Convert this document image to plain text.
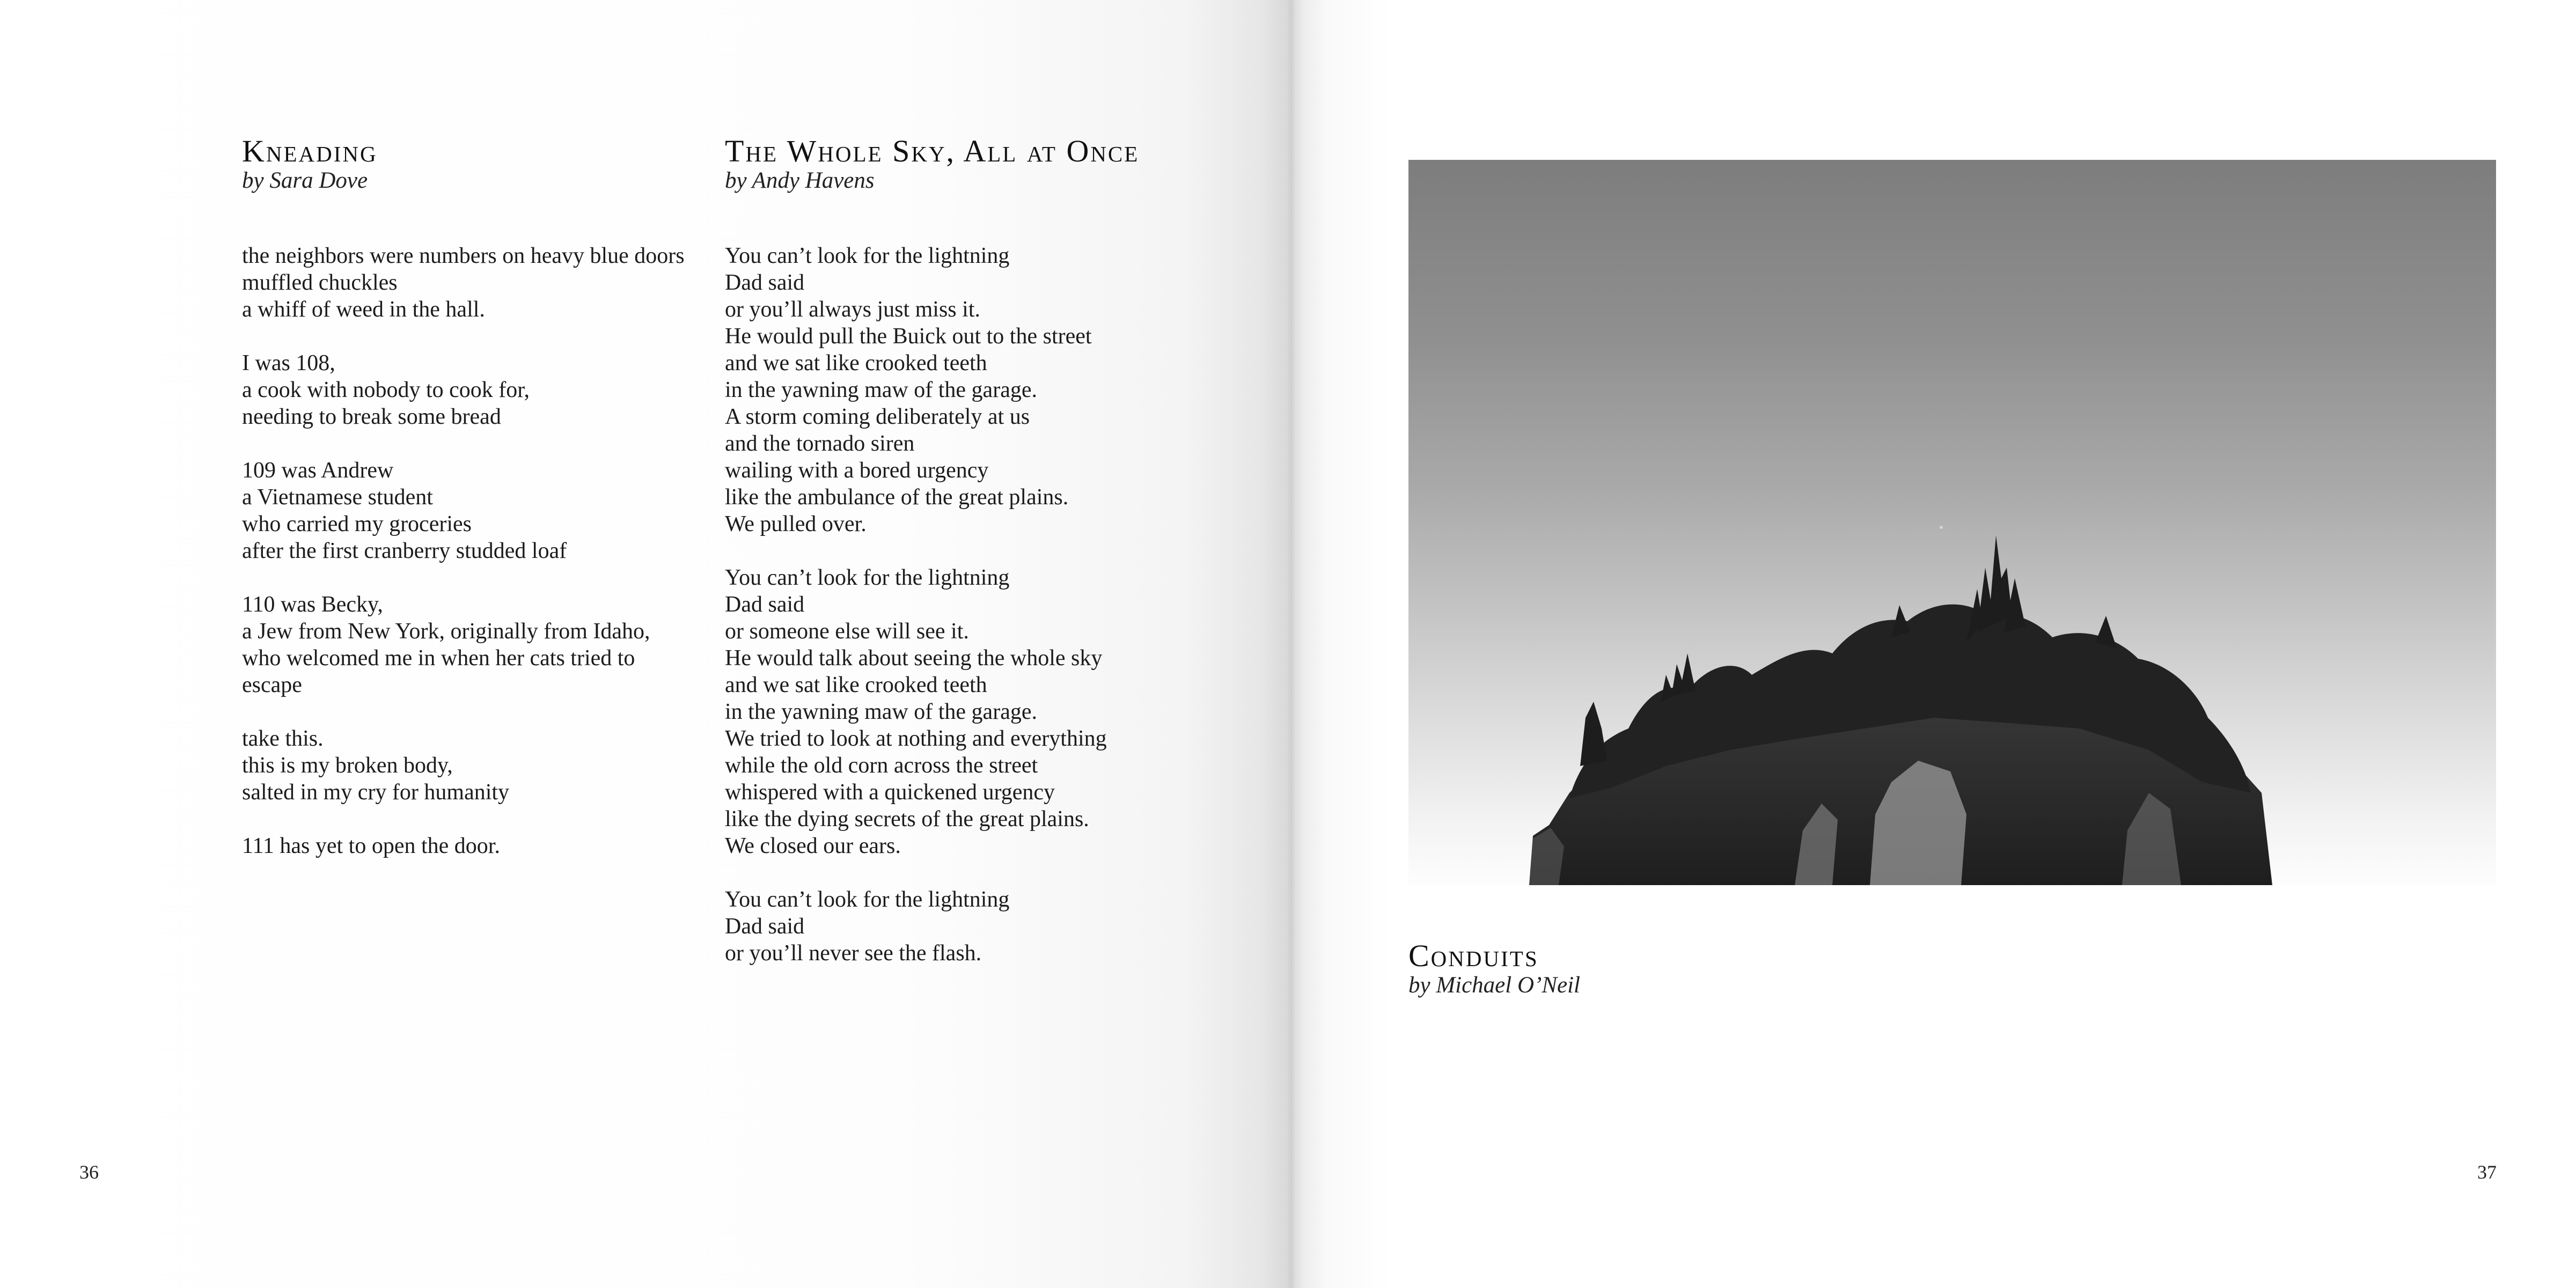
Kneading

by Sara Dove

the neighbors were numbers on heavy blue doors
muffled chuckles
a whiff of weed in the hall.
I was 108,
a cook with nobody to cook for,
needing to break some bread
109 was Andrew
a Vietnamese student
who carried my groceries
after the first cranberry studded loaf
110 was Becky,
a Jew from New York, originally from Idaho,
who welcomed me in when her cats tried to
escape
take this.
this is my broken body,
salted in my cry for humanity
111 has yet to open the door.
The Whole Sky, All at Once

by Andy Havens

You can’t look for the lightning
Dad said
or you’ll always just miss it.
He would pull the Buick out to the street
and we sat like crooked teeth
in the yawning maw of the garage.
A storm coming deliberately at us
and the tornado siren
wailing with a bored urgency
like the ambulance of the great plains.
We pulled over.
You can’t look for the lightning
Dad said
or someone else will see it.
He would talk about seeing the whole sky
and we sat like crooked teeth
in the yawning maw of the garage.
We tried to look at nothing and everything
while the old corn across the street
whispered with a quickened urgency
like the dying secrets of the great plains.
We closed our ears.
You can’t look for the lightning
Dad said
or you’ll never see the flash.
36
Conduits

by Michael O’Neil

37
